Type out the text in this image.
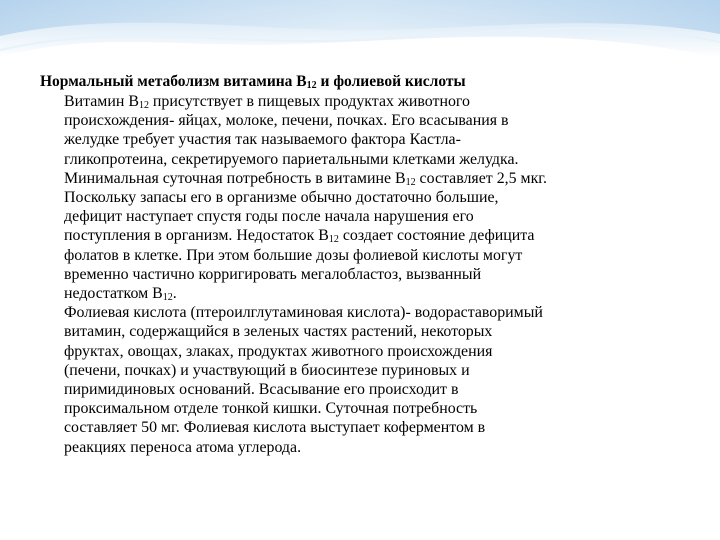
Нормальный метаболизм витамина $В_{12}$ и фолиевой кислоты
Витамин $В_{12}$ присутствует в пищевых продуктах животного
происхождения- яйцах, молоке, печени, почках. Его всасывания в
желудке требует участия так называемого фактора Кастла-
гликопротеина, секретируемого париетальными клетками желудка.
Минимальная суточная потребность в витамине $В_{12}$ составляет 2,5 мкг.
Поскольку запасы его в организме обычно достаточно большие,
дефицит наступает спустя годы после начала нарушения его
поступления в организм. Недостаток $В_{12}$ создает состояние дефицита
фолатов в клетке. При этом большие дозы фолиевой кислоты могут
временно частично корригировать мегалобластоз, вызванный
недостатком $В_{12}$.
Фолиевая кислота (птероилглутаминовая кислота)- водораставоримый
витамин, содержащийся в зеленых частях растений, некоторых
фруктах, овощах, злаках, продуктах животного происхождения
(печени, почках) и участвующий в биосинтезе пуриновых и
пиримидиновых оснований. Всасывание его происходит в
проксимальном отделе тонкой кишки. Суточная потребность
составляет 50 мг. Фолиевая кислота выступает коферментом в
реакциях переноса атома углерода.
